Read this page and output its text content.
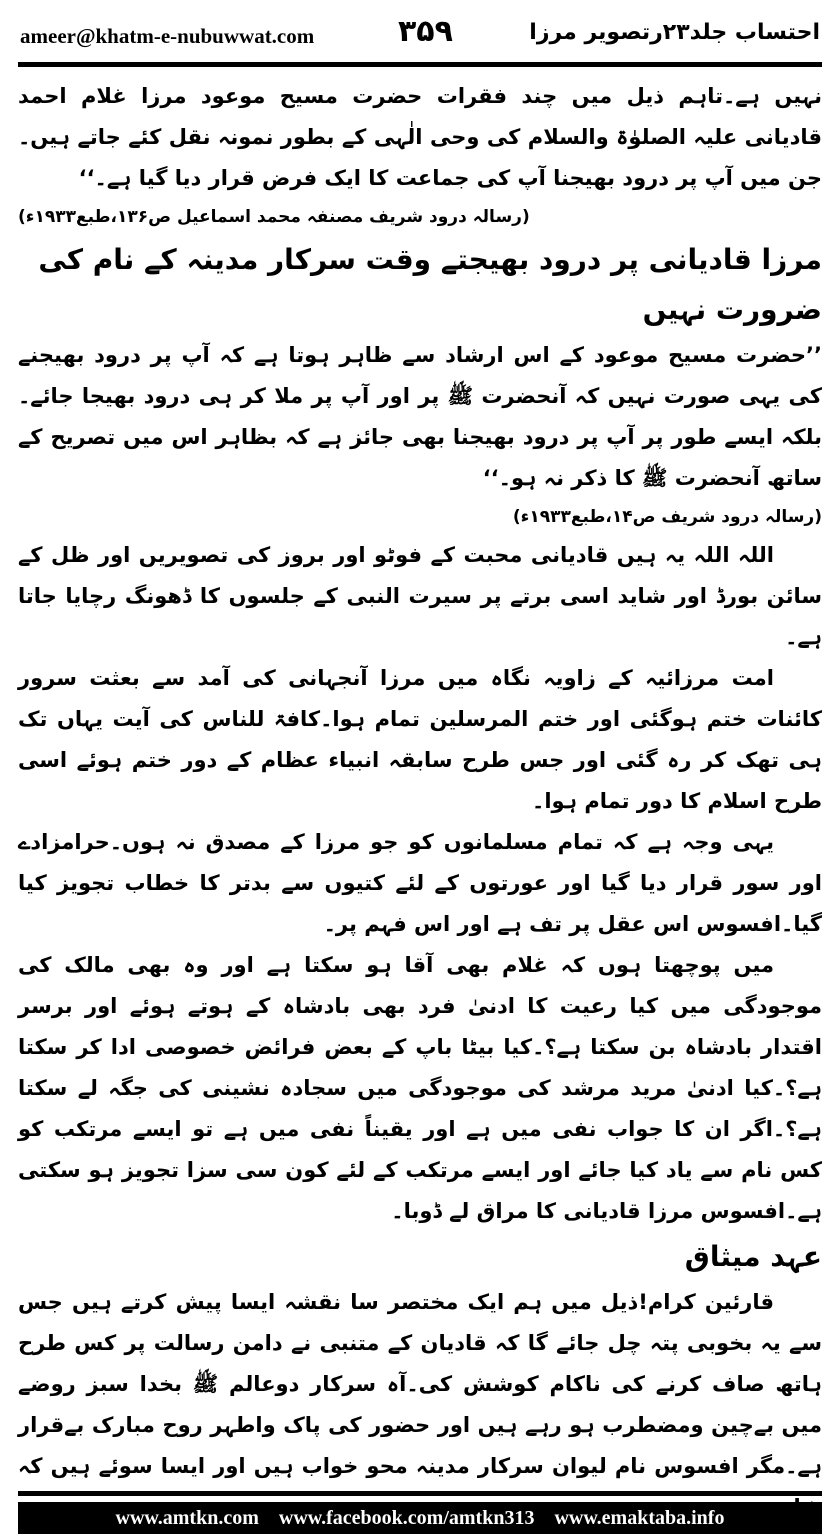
ameer@khatm-e-nubuwwat.com	۳۵۹	احتساب جلد۲۳رتصویر مرزا

نہیں ہے۔تاہم ذیل میں چند فقرات حضرت مسیح موعود مرزا غلام احمد قادیانی علیہ الصلوٰۃ والسلام کی وحی الٰہی کے بطور نمونہ نقل کئے جاتے ہیں۔جن میں آپ پر درود بھیجنا آپ کی جماعت کا ایک فرض قرار دیا گیا ہے۔‘‘

(رسالہ درود شریف مصنفہ محمد اسماعیل ص۱۳۶،طبع۱۹۳۳ء)

مرزا قادیانی پر درود بھیجتے وقت سرکار مدینہ کے نام کی ضرورت نہیں

’’حضرت مسیح موعود کے اس ارشاد سے ظاہر ہوتا ہے کہ آپ پر درود بھیجنے کی یہی صورت نہیں کہ آنحضرت ﷺ پر اور آپ پر ملا کر ہی درود بھیجا جائے۔بلکہ ایسے طور پر آپ پر درود بھیجنا بھی جائز ہے کہ بظاہر اس میں تصریح کے ساتھ آنحضرت ﷺ کا ذکر نہ ہو۔‘‘

(رسالہ درود شریف ص۱۴،طبع۱۹۳۳ء)

اللہ اللہ یہ ہیں قادیانی محبت کے فوٹو اور بروز کی تصویریں اور ظل کے سائن بورڈ اور شاید اسی برتے پر سیرت النبی کے جلسوں کا ڈھونگ رچایا جاتا ہے۔

امت مرزائیہ کے زاویہ نگاہ میں مرزا آنجہانی کی آمد سے بعثت سرور کائنات ختم ہوگئی اور ختم المرسلین تمام ہوا۔کافۃ للناس کی آیت یہاں تک ہی تھک کر رہ گئی اور جس طرح سابقہ انبیاء عظام کے دور ختم ہوئے اسی طرح اسلام کا دور تمام ہوا۔

یہی وجہ ہے کہ تمام مسلمانوں کو جو مرزا کے مصدق نہ ہوں۔حرامزادے اور سور قرار دیا گیا اور عورتوں کے لئے کتیوں سے بدتر کا خطاب تجویز کیا گیا۔افسوس اس عقل پر تف ہے اور اس فہم پر۔

میں پوچھتا ہوں کہ غلام بھی آقا ہو سکتا ہے اور وہ بھی مالک کی موجودگی میں کیا رعیت کا ادنیٰ فرد بھی بادشاہ کے ہوتے ہوئے اور برسر اقتدار بادشاہ بن سکتا ہے؟۔کیا بیٹا باپ کے بعض فرائض خصوصی ادا کر سکتا ہے؟۔کیا ادنیٰ مرید مرشد کی موجودگی میں سجادہ نشینی کی جگہ لے سکتا ہے؟۔اگر ان کا جواب نفی میں ہے اور یقیناً نفی میں ہے تو ایسے مرتکب کو کس نام سے یاد کیا جائے اور ایسے مرتکب کے لئے کون سی سزا تجویز ہو سکتی ہے۔افسوس مرزا قادیانی کا مراق لے ڈوبا۔

عہد میثاق

قارئین کرام!ذیل میں ہم ایک مختصر سا نقشہ ایسا پیش کرتے ہیں جس سے یہ بخوبی پتہ چل جائے گا کہ قادیان کے متنبی نے دامن رسالت پر کس طرح ہاتھ صاف کرنے کی ناکام کوشش کی۔آہ سرکار دوعالم ﷺ بخدا سبز روضے میں بےچین ومضطرب ہو رہے ہیں اور حضور کی پاک واطہر روح مبارک بےقرار ہے۔مگر افسوس نام لیوان سرکار مدینہ محو خواب ہیں اور ایسا سوئے ہیں کہ

www.amtkn.com www.facebook.com/amtkn313 www.emaktaba.info
